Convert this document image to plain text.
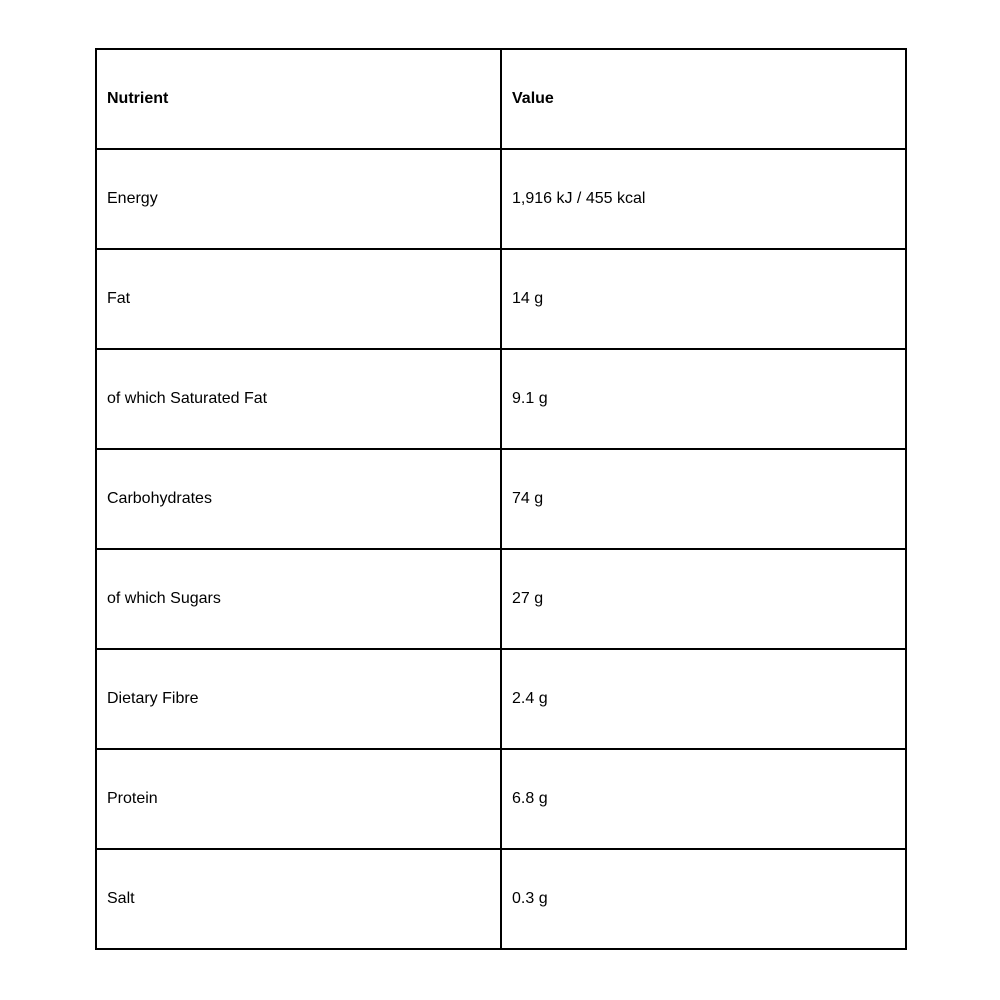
Nutrient	Value
Energy	1,916 kJ / 455 kcal
Fat	14 g
of which Saturated Fat	9.1 g
Carbohydrates	74 g
of which Sugars	27 g
Dietary Fibre	2.4 g
Protein	6.8 g
Salt	0.3 g
